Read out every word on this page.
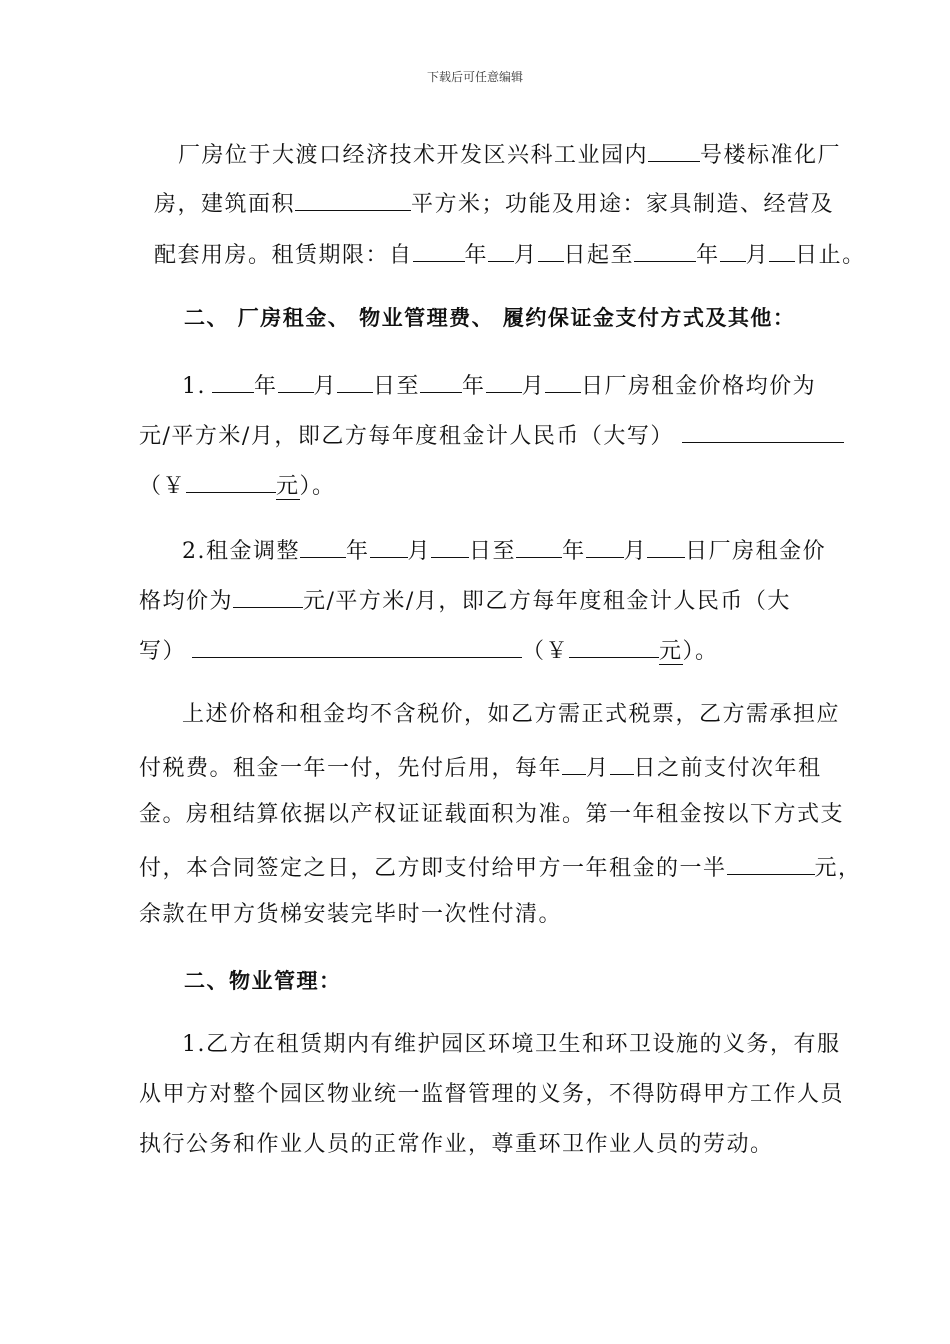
下载后可任意编辑
厂房位于大渡口经济技术开发区兴科工业园内 号楼标准化厂
房，建筑面积	平方米；功能及用途：家具制造、经营及
配套用房。租赁期限：自 年 月 日起至	年 月 日止。
二、 厂房租金、 物业管理费、 履约保证金支付方式及其他：
1. 年 月 日至 年 月 日厂房租金价格均价为
元/平方米/月，即乙方每年度租金计人民币（大写）
（￥	元）。
2.租金调整 年 月 日至 年 月 日厂房租金价
格均价为	元/平方米/月，即乙方每年度租金计人民币（大
写）	（￥	元）。
上述价格和租金均不含税价，如乙方需正式税票，乙方需承担应
付税费。租金一年一付，先付后用，每年 月 日之前支付次年租
金。房租结算依据以产权证证载面积为准。第一年租金按以下方式支
付，本合同签定之日，乙方即支付给甲方一年租金的一半	元，
余款在甲方货梯安装完毕时一次性付清。
二、物业管理：
1.乙方在租赁期内有维护园区环境卫生和环卫设施的义务，有服
从甲方对整个园区物业统一监督管理的义务，不得防碍甲方工作人员
执行公务和作业人员的正常作业，尊重环卫作业人员的劳动。
